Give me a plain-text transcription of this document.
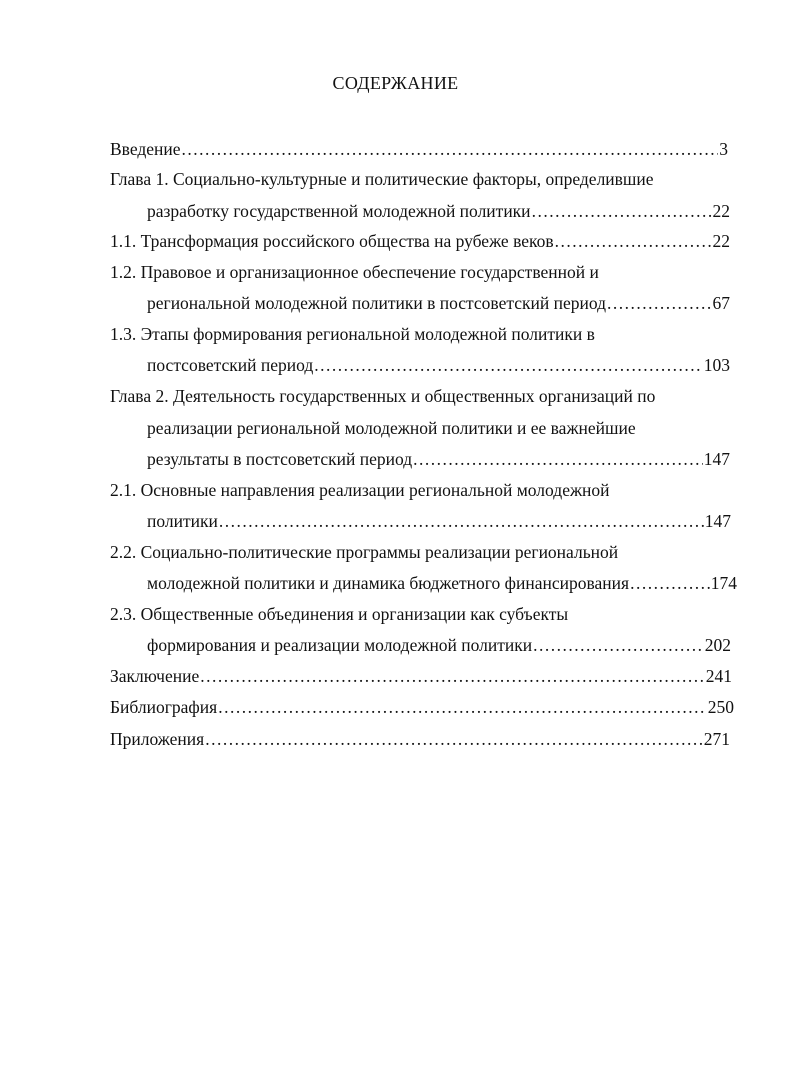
СОДЕРЖАНИЕ
Введение .....	3
Глава 1. Социально-культурные и политические факторы, определившие
разработку государственной молодежной политики .....	22
1.1. Трансформация российского общества на рубеже веков .....	22
1.2. Правовое и организационное обеспечение государственной и
региональной молодежной политики в постсоветский период .....	67
1.3. Этапы формирования региональной молодежной политики в
постсоветский период .....	103
Глава 2. Деятельность государственных и общественных организаций по
реализации региональной молодежной политики и ее важнейшие
результаты в постсоветский период .....	147
2.1. Основные направления реализации региональной молодежной
политики .....	147
2.2. Социально-политические программы реализации региональной
молодежной политики и динамика бюджетного финансирования .....	174
2.3. Общественные объединения и организации как субъекты
формирования и реализации молодежной политики .....	202
Заключение .....	241
Библиография .....	250
Приложения .....	271
